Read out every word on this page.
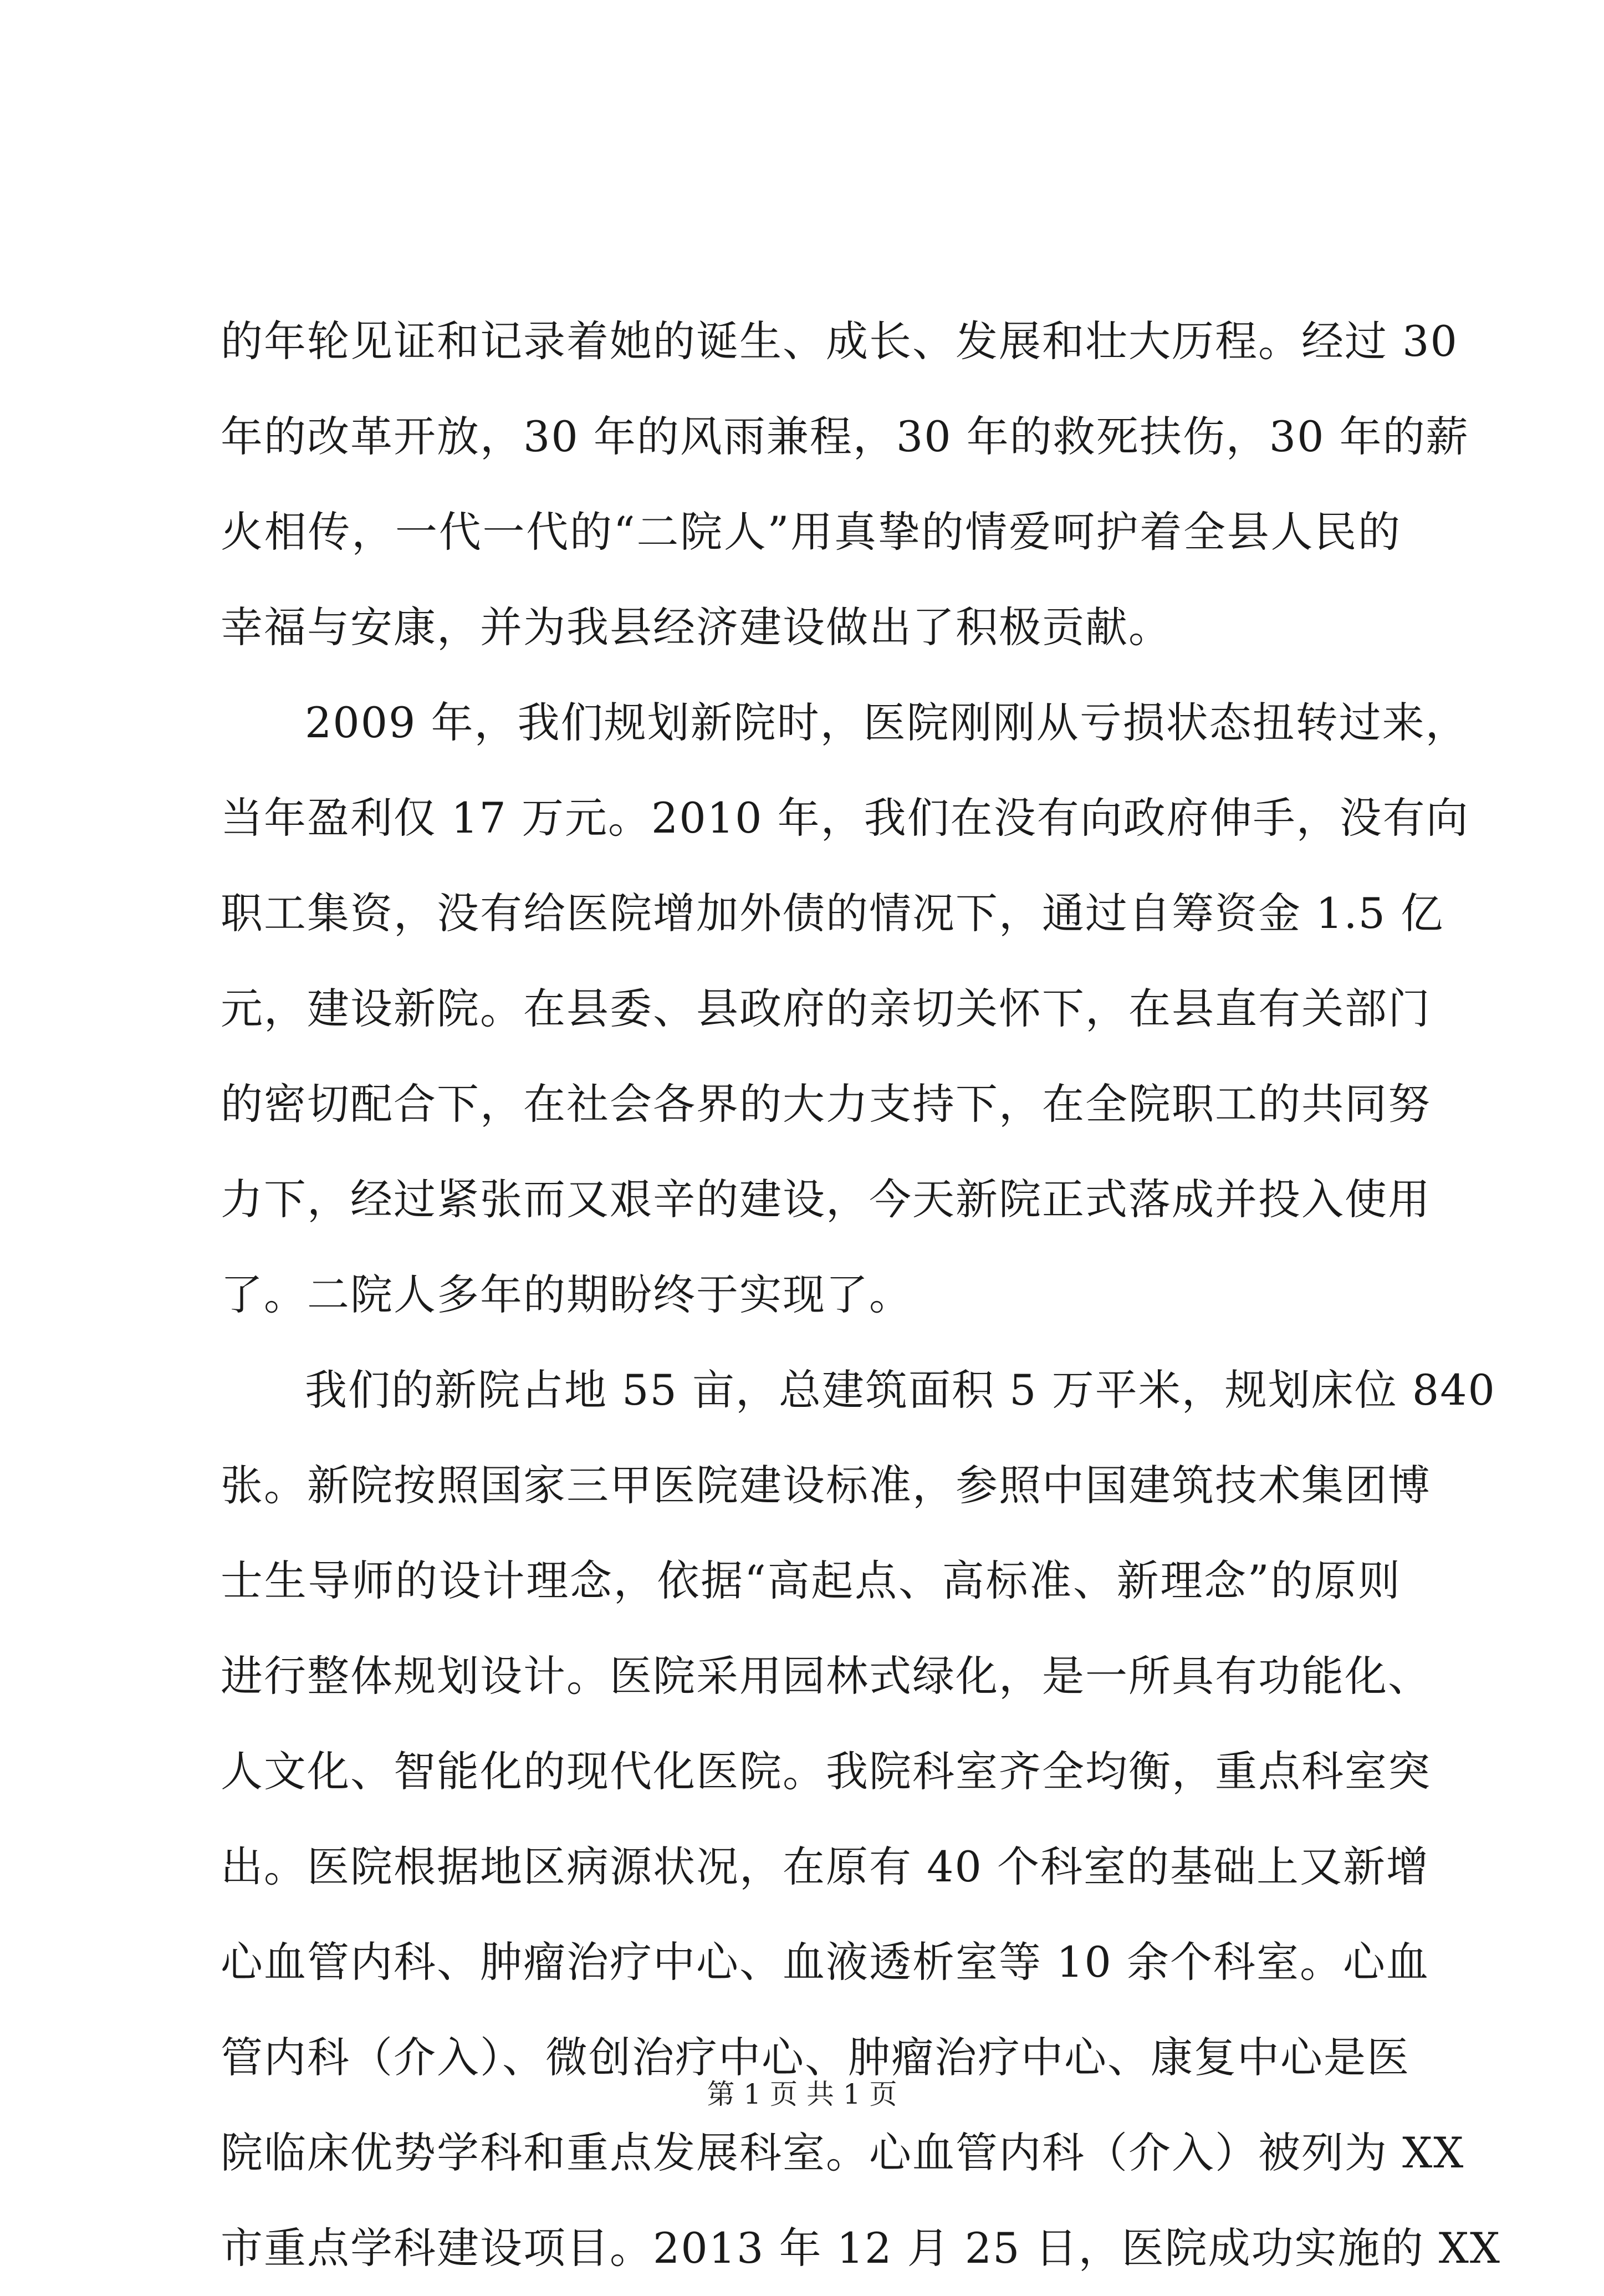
的年轮见证和记录着她的诞生、成长、发展和壮大历程。经过 30
年的改革开放，30 年的风雨兼程，30 年的救死扶伤，30 年的薪
火相传，一代一代的“二院人”用真挚的情爱呵护着全县人民的
幸福与安康，并为我县经济建设做出了积极贡献。
2009 年，我们规划新院时，医院刚刚从亏损状态扭转过来，
当年盈利仅 17 万元。2010 年，我们在没有向政府伸手，没有向
职工集资，没有给医院增加外债的情况下，通过自筹资金 1.5 亿
元，建设新院。在县委、县政府的亲切关怀下，在县直有关部门
的密切配合下，在社会各界的大力支持下，在全院职工的共同努
力下，经过紧张而又艰辛的建设，今天新院正式落成并投入使用
了。二院人多年的期盼终于实现了。
我们的新院占地 55 亩，总建筑面积 5 万平米，规划床位 840
张。新院按照国家三甲医院建设标准，参照中国建筑技术集团博
士生导师的设计理念，依据“高起点、高标准、新理念”的原则
进行整体规划设计。医院采用园林式绿化，是一所具有功能化、
人文化、智能化的现代化医院。我院科室齐全均衡，重点科室突
出。医院根据地区病源状况，在原有 40 个科室的基础上又新增
心血管内科、肿瘤治疗中心、血液透析室等 10 余个科室。心血
管内科（介入）、微创治疗中心、肿瘤治疗中心、康复中心是医
院临床优势学科和重点发展科室。心血管内科（介入）被列为 XX
市重点学科建设项目。2013 年 12 月 25 日，医院成功实施的 XX
第 1 页 共 1 页
